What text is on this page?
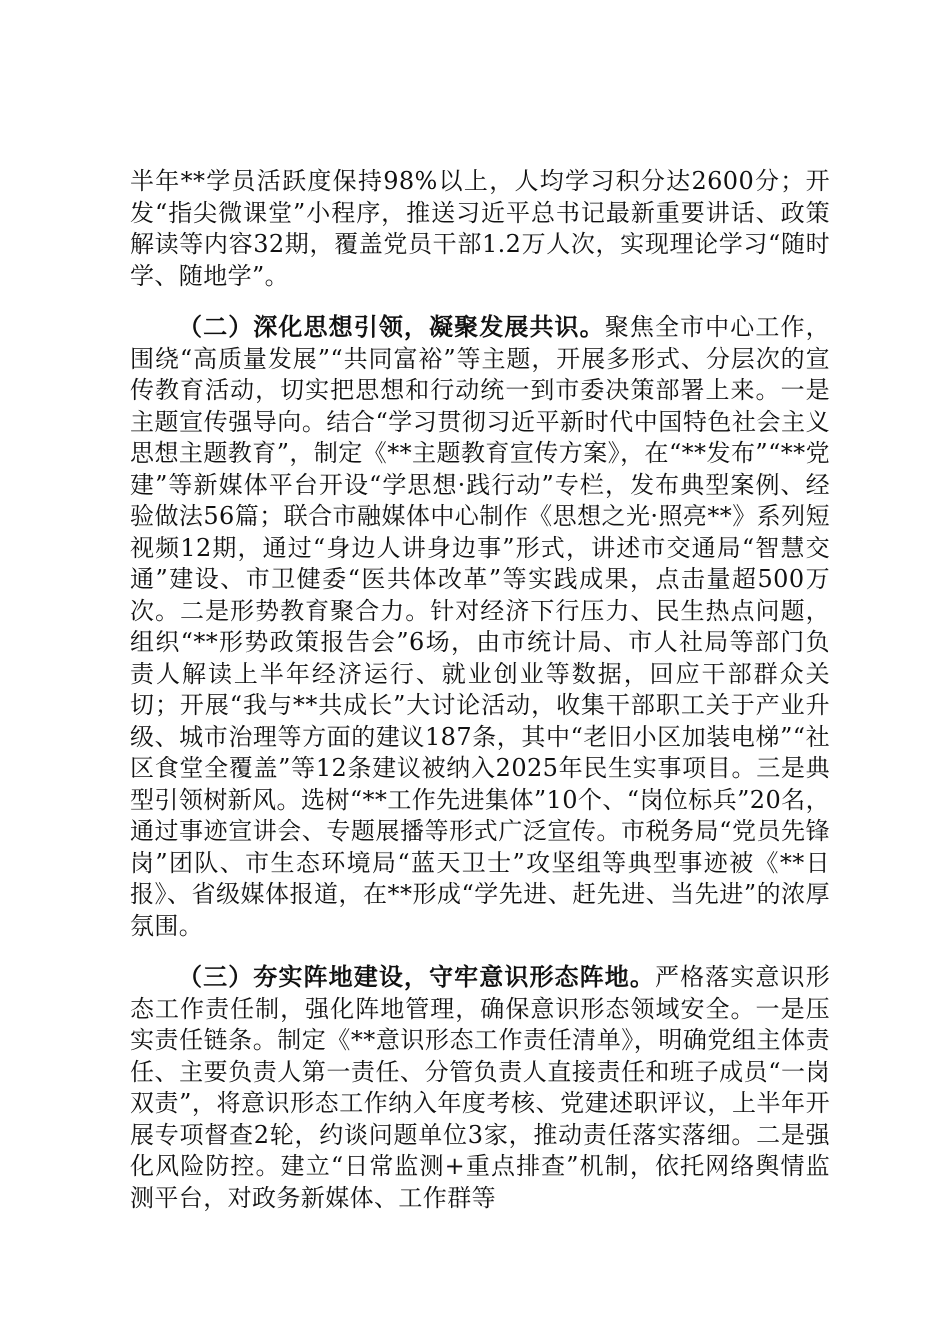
半年**学员活跃度保持98%以上，人均学习积分达2600分；开发“指尖微课堂”小程序，推送习近平总书记最新重要讲话、政策解读等内容32期，覆盖党员干部1.2万人次，实现理论学习“随时学、随地学”。

（二）深化思想引领，凝聚发展共识。聚焦全市中心工作，围绕“高质量发展”“共同富裕”等主题，开展多形式、分层次的宣传教育活动，切实把思想和行动统一到市委决策部署上来。一是主题宣传强导向。结合“学习贯彻习近平新时代中国特色社会主义思想主题教育”，制定《**主题教育宣传方案》，在“**发布”“**党建”等新媒体平台开设“学思想·践行动”专栏，发布典型案例、经验做法56篇；联合市融媒体中心制作《思想之光·照亮**》系列短视频12期，通过“身边人讲身边事”形式，讲述市交通局“智慧交通”建设、市卫健委“医共体改革”等实践成果，点击量超500万次。二是形势教育聚合力。针对经济下行压力、民生热点问题，组织“**形势政策报告会”6场，由市统计局、市人社局等部门负责人解读上半年经济运行、就业创业等数据，回应干部群众关切；开展“我与**共成长”大讨论活动，收集干部职工关于产业升级、城市治理等方面的建议187条，其中“老旧小区加装电梯”“社区食堂全覆盖”等12条建议被纳入2025年民生实事项目。三是典型引领树新风。选树“**工作先进集体”10个、“岗位标兵”20名，通过事迹宣讲会、专题展播等形式广泛宣传。市税务局“党员先锋岗”团队、市生态环境局“蓝天卫士”攻坚组等典型事迹被《**日报》、省级媒体报道，在**形成“学先进、赶先进、当先进”的浓厚氛围。

（三）夯实阵地建设，守牢意识形态阵地。严格落实意识形态工作责任制，强化阵地管理，确保意识形态领域安全。一是压实责任链条。制定《**意识形态工作责任清单》，明确党组主体责任、主要负责人第一责任、分管负责人直接责任和班子成员“一岗双责”，将意识形态工作纳入年度考核、党建述职评议，上半年开展专项督查2轮，约谈问题单位3家，推动责任落实落细。二是强化风险防控。建立“日常监测+重点排查”机制，依托网络舆情监测平台，对政务新媒体、工作群等
